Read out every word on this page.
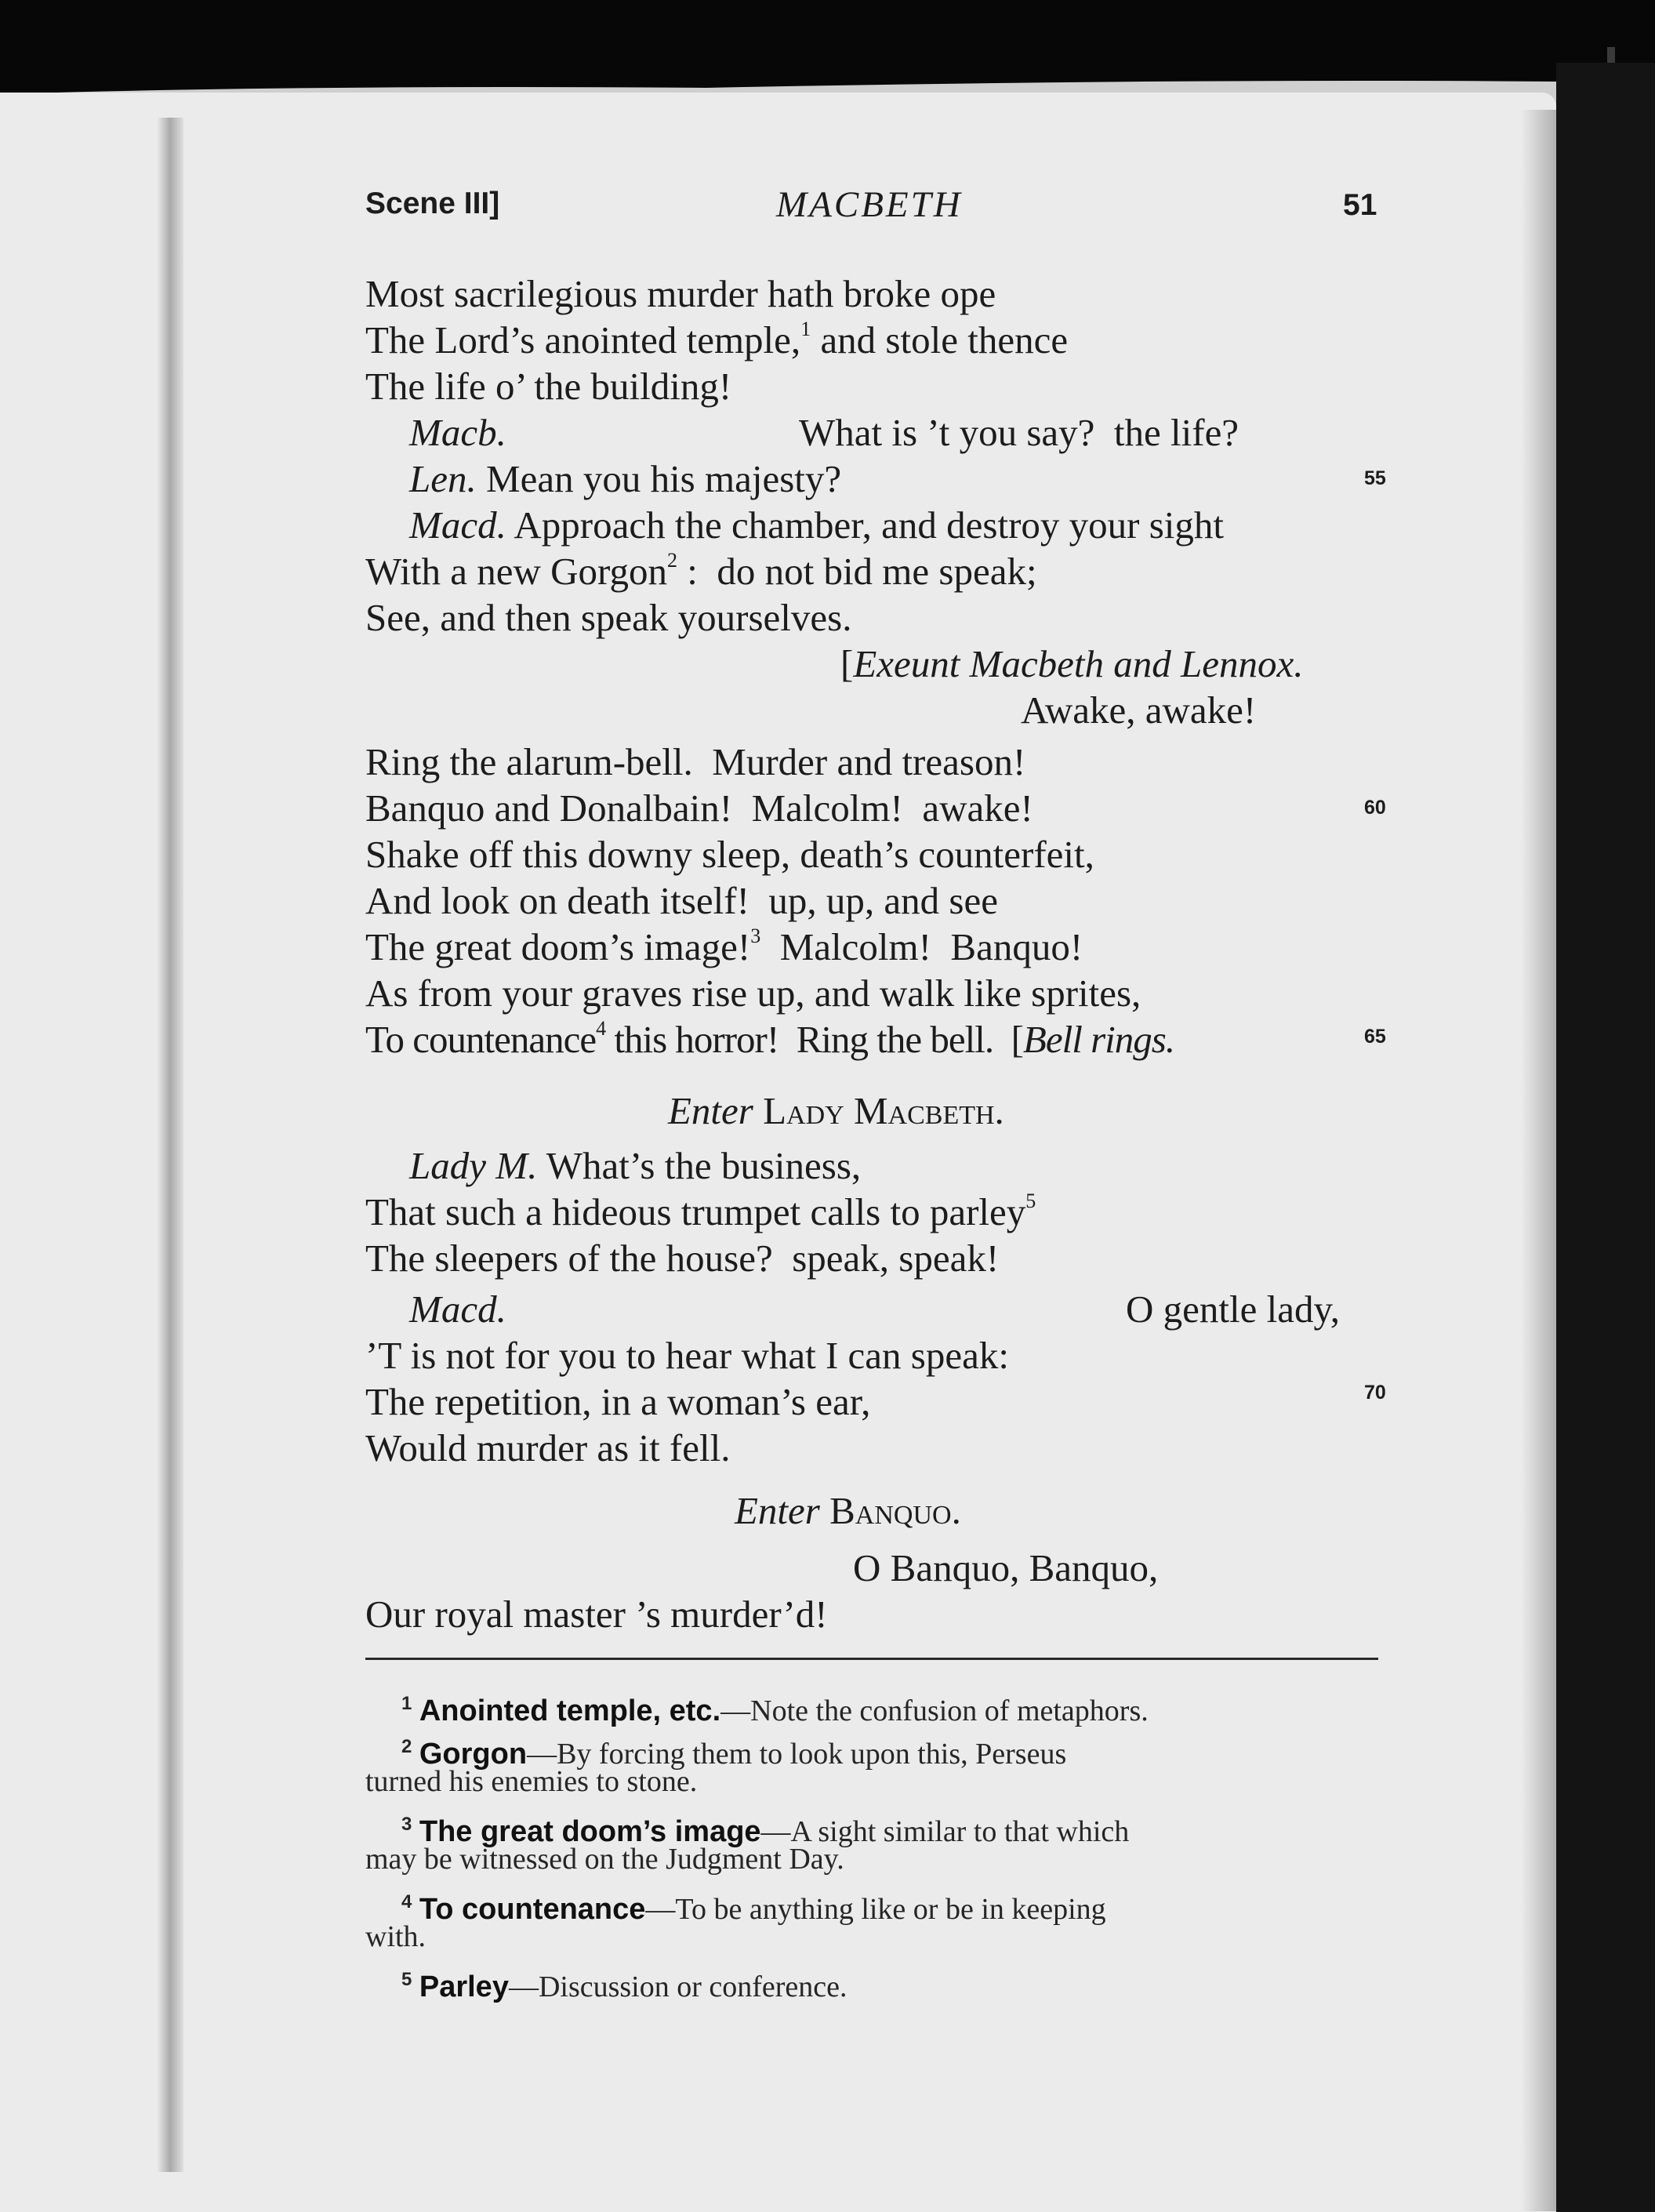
Scene III]	MACBETH	51
Most sacrilegious murder hath broke ope
The Lord’s anointed temple,$^1$ and stole thence
The life o’ the building!
Macb.	What is ’t you say?  the life?
Len. Mean you his majesty?	55
Macd. Approach the chamber, and destroy your sight
With a new Gorgon$^2$ :  do not bid me speak;
See, and then speak yourselves.
[Exeunt Macbeth and Lennox.
Awake, awake!
Ring the alarum-bell.  Murder and treason!
Banquo and Donalbain!  Malcolm!  awake!	60
Shake off this downy sleep, death’s counterfeit,
And look on death itself!  up, up, and see
The great doom’s image!$^3$  Malcolm!  Banquo!
As from your graves rise up, and walk like sprites,
To countenance$^4$ this horror!  Ring the bell.  [Bell rings.	65
Enter Lady Macbeth.
Lady M. What’s the business,
That such a hideous trumpet calls to parley$^5$
The sleepers of the house?  speak, speak!
Macd.	O gentle lady,
’T is not for you to hear what I can speak:
The repetition, in a woman’s ear,	70
Would murder as it fell.
Enter Banquo.
O Banquo, Banquo,
Our royal master ’s murder’d!
$^1$ Anointed temple, etc.—Note the confusion of metaphors.
$^2$ Gorgon—By forcing them to look upon this, Perseus
turned his enemies to stone.
$^3$ The great doom’s image—A sight similar to that which
may be witnessed on the Judgment Day.
$^4$ To countenance—To be anything like or be in keeping
with.
$^5$ Parley—Discussion or conference.
